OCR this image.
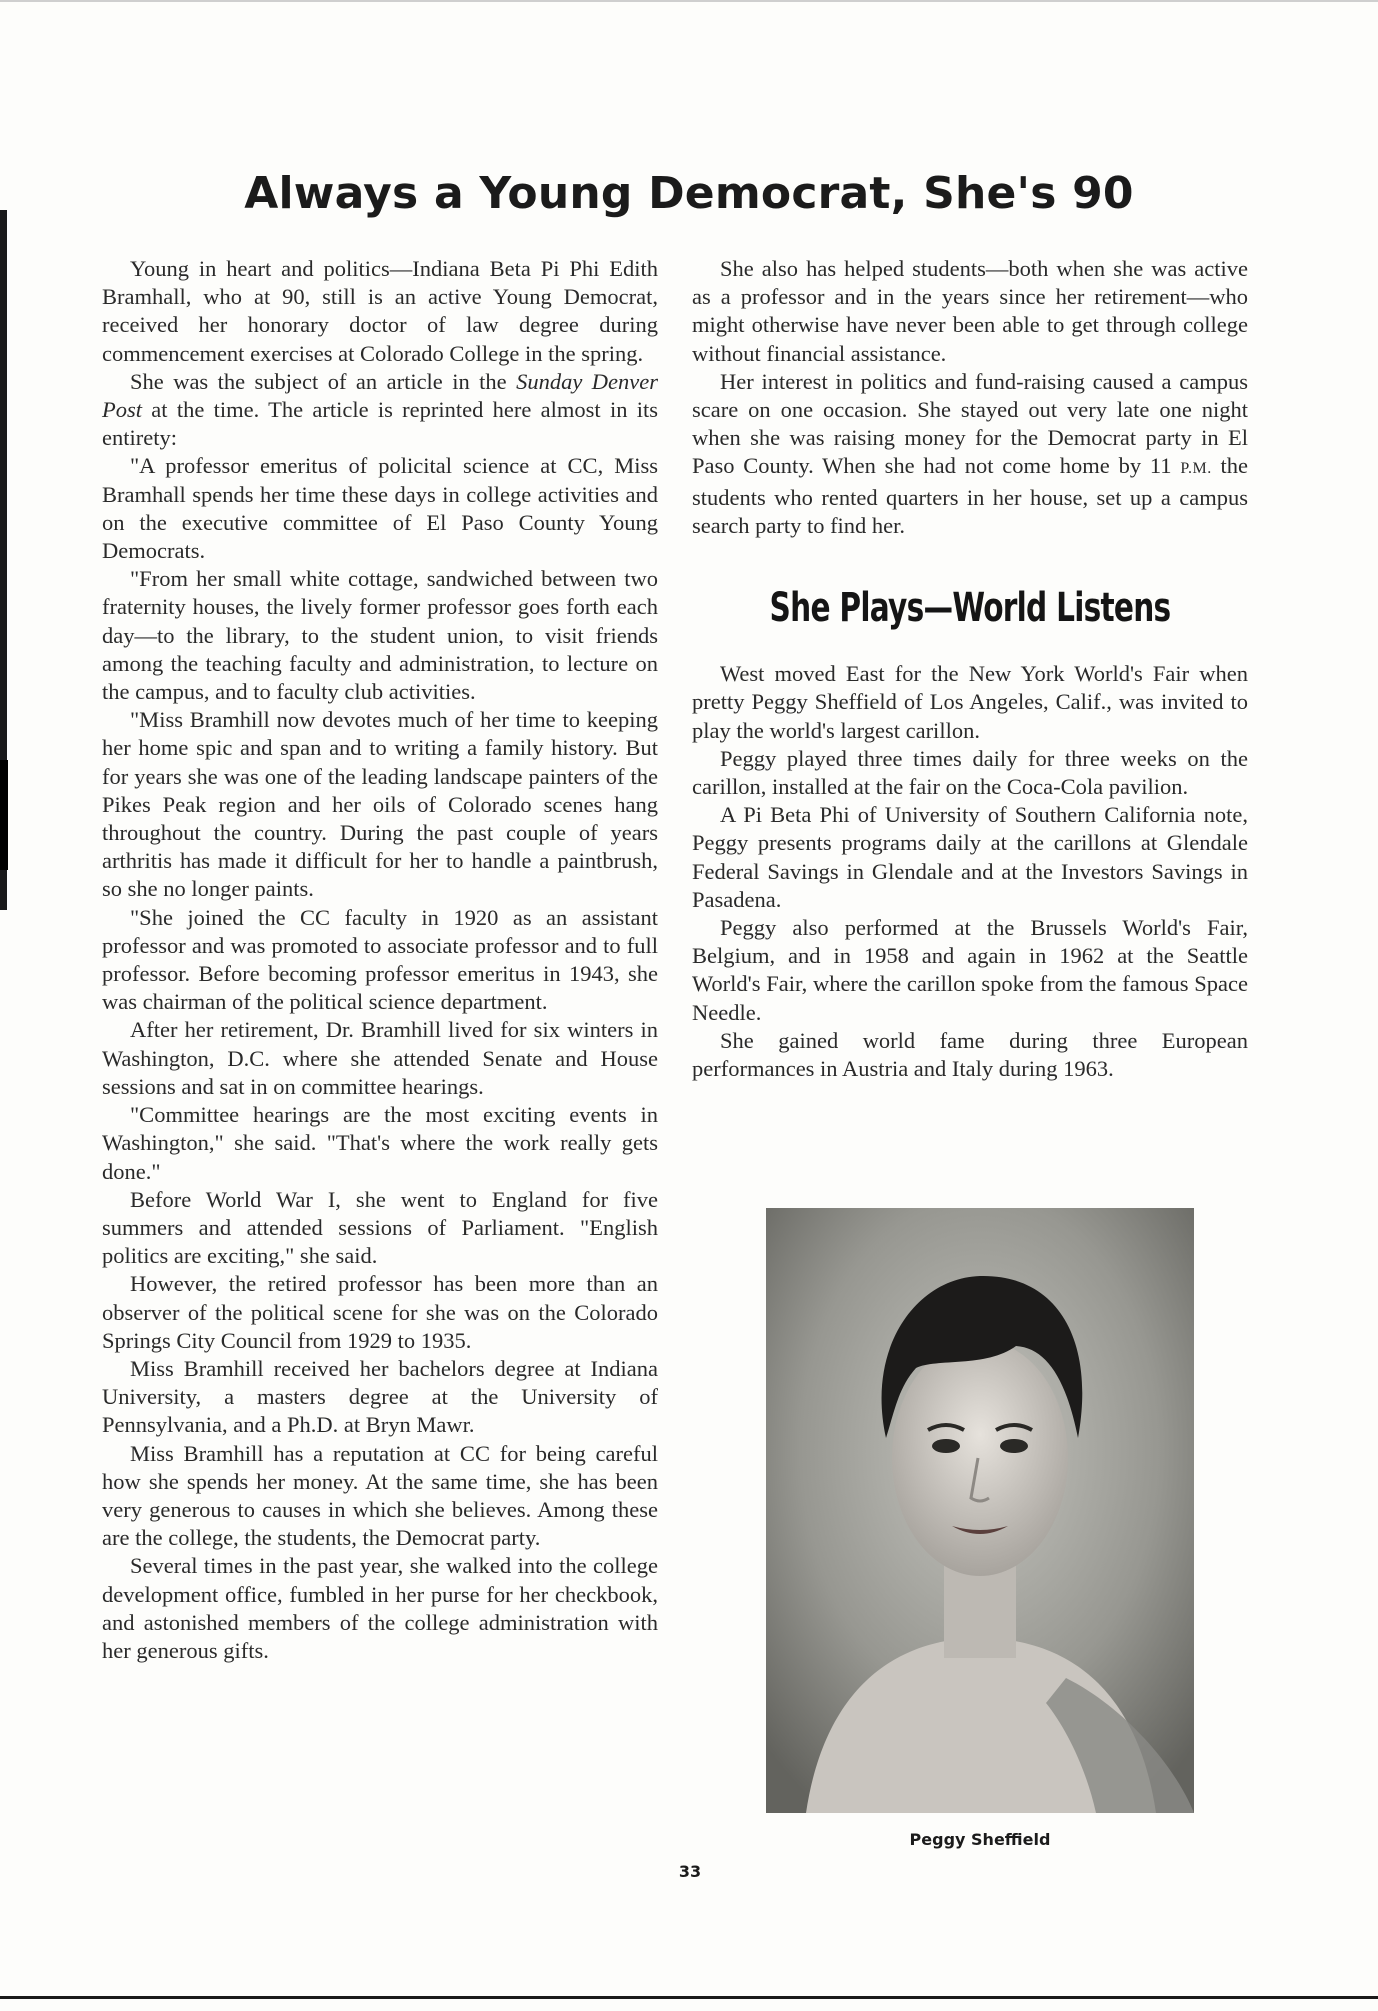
Always a Young Democrat, She's 90

Young in heart and politics—Indiana Beta Pi Phi Edith Bramhall, who at 90, still is an active Young Democrat, received her honorary doctor of law degree during commencement exercises at Colorado College in the spring.

She was the subject of an article in the Sunday Denver Post at the time. The article is reprinted here almost in its entirety:

"A professor emeritus of policital science at CC, Miss Bramhall spends her time these days in college activities and on the executive committee of El Paso County Young Democrats.

"From her small white cottage, sandwiched between two fraternity houses, the lively former professor goes forth each day—to the library, to the student union, to visit friends among the teaching faculty and administration, to lecture on the campus, and to faculty club activities.

"Miss Bramhill now devotes much of her time to keeping her home spic and span and to writing a family history. But for years she was one of the leading landscape painters of the Pikes Peak region and her oils of Colorado scenes hang throughout the country. During the past couple of years arthritis has made it difficult for her to handle a paintbrush, so she no longer paints.

"She joined the CC faculty in 1920 as an assistant professor and was promoted to associate professor and to full professor. Before becoming professor emeritus in 1943, she was chairman of the political science department.

After her retirement, Dr. Bramhill lived for six winters in Washington, D.C. where she attended Senate and House sessions and sat in on committee hearings.

"Committee hearings are the most exciting events in Washington," she said. "That's where the work really gets done."

Before World War I, she went to England for five summers and attended sessions of Parliament. "English politics are exciting," she said.

However, the retired professor has been more than an observer of the political scene for she was on the Colorado Springs City Council from 1929 to 1935.

Miss Bramhill received her bachelors degree at Indiana University, a masters degree at the University of Pennsylvania, and a Ph.D. at Bryn Mawr.

Miss Bramhill has a reputation at CC for being careful how she spends her money. At the same time, she has been very generous to causes in which she believes. Among these are the college, the students, the Democrat party.

Several times in the past year, she walked into the college development office, fumbled in her purse for her checkbook, and astonished members of the college administration with her generous gifts.

She also has helped students—both when she was active as a professor and in the years since her retirement—who might otherwise have never been able to get through college without financial assistance.

Her interest in politics and fund-raising caused a campus scare on one occasion. She stayed out very late one night when she was raising money for the Democrat party in El Paso County. When she had not come home by 11 P.M. the students who rented quarters in her house, set up a campus search party to find her.

She Plays—World Listens

West moved East for the New York World's Fair when pretty Peggy Sheffield of Los Angeles, Calif., was invited to play the world's largest carillon.

Peggy played three times daily for three weeks on the carillon, installed at the fair on the Coca-Cola pavilion.

A Pi Beta Phi of University of Southern California note, Peggy presents programs daily at the carillons at Glendale Federal Savings in Glendale and at the Investors Savings in Pasadena.

Peggy also performed at the Brussels World's Fair, Belgium, and in 1958 and again in 1962 at the Seattle World's Fair, where the carillon spoke from the famous Space Needle.

She gained world fame during three European performances in Austria and Italy during 1963.

Peggy Sheffield
33
